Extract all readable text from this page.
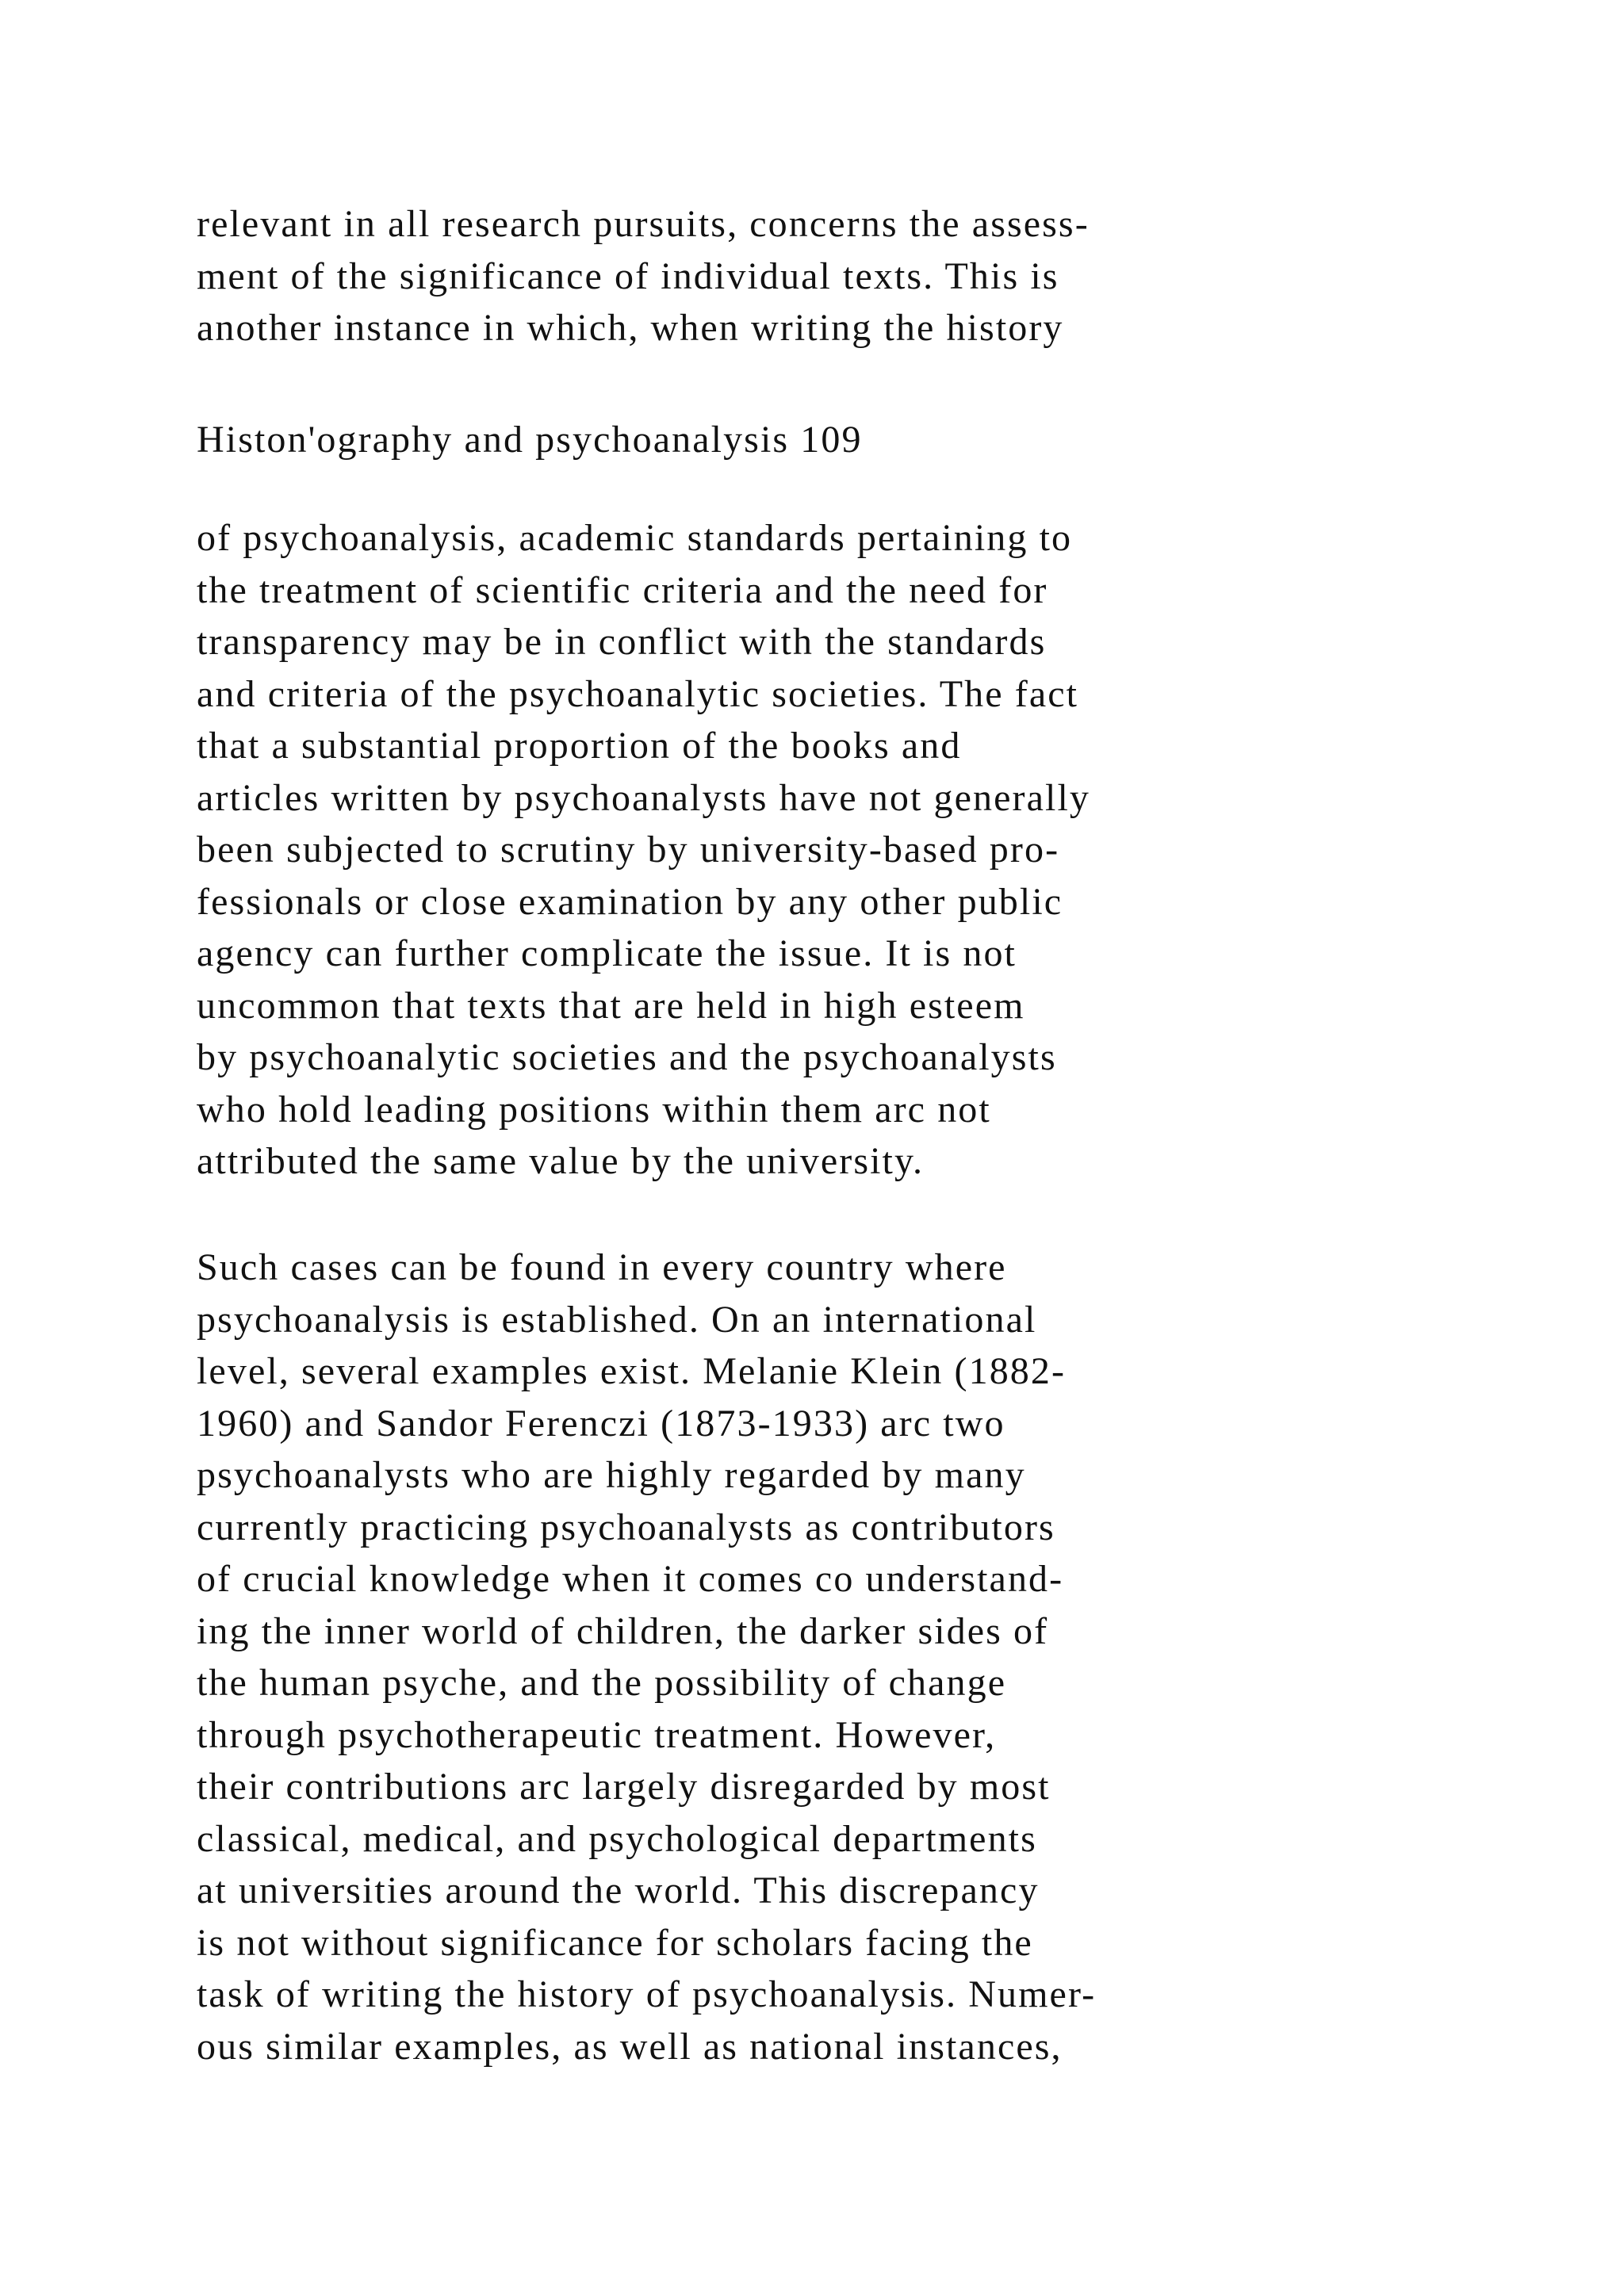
relevant in all research pursuits, concerns the assess-
ment of the significance of individual texts. This is
another instance in which, when writing the history
Histon'ography and psychoanalysis 109
of psychoanalysis, academic standards pertaining to
the treatment of scientific criteria and the need for
transparency may be in conflict with the standards
and criteria of the psychoanalytic societies. The fact
that a substantial proportion of the books and
articles written by psychoanalysts have not generally
been subjected to scrutiny by university-based pro-
fessionals or close examination by any other public
agency can further complicate the issue. It is not
uncommon that texts that are held in high esteem
by psychoanalytic societies and the psychoanalysts
who hold leading positions within them arc not
attributed the same value by the university.
Such cases can be found in every country where
psychoanalysis is established. On an international
level, several examples exist. Melanie Klein (1882-
1960) and Sandor Ferenczi (1873-1933) arc two
psychoanalysts who are highly regarded by many
currently practicing psychoanalysts as contributors
of crucial knowledge when it comes co understand-
ing the inner world of children, the darker sides of
the human psyche, and the possibility of change
through psychotherapeutic treatment. However,
their contributions arc largely disregarded by most
classical, medical, and psychological departments
at universities around the world. This discrepancy
is not without significance for scholars facing the
task of writing the history of psychoanalysis. Numer-
ous similar examples, as well as national instances,
